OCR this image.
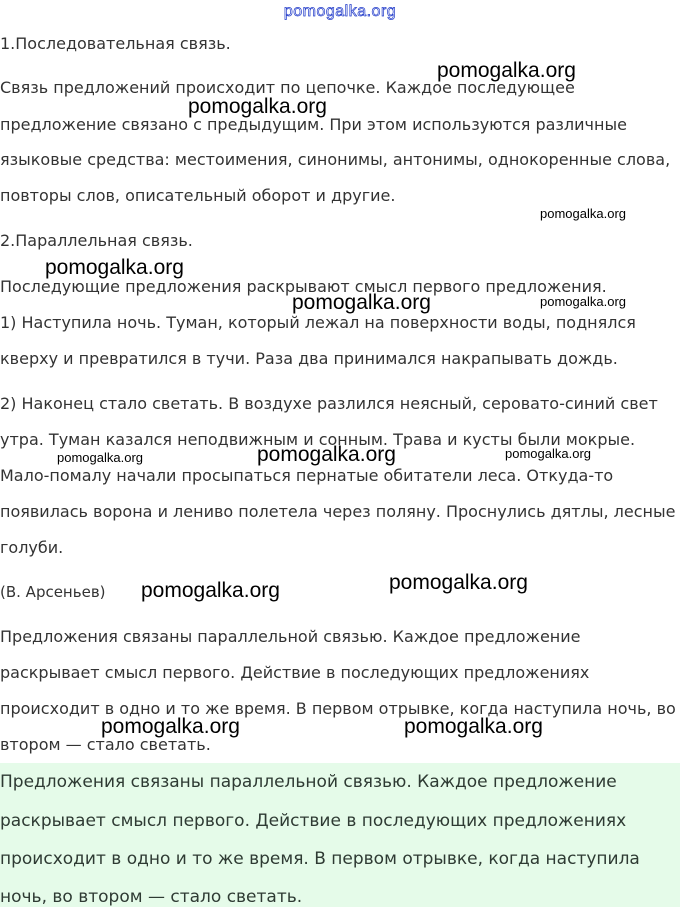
pomogalka.org

1.Последовательная связь.

Связь предложений происходит по цепочке. Каждое последующее

предложение связано с предыдущим. При этом используются различные

языковые средства: местоимения, синонимы, антонимы, однокоренные слова,

повторы слов, описательный оборот и другие.

2.Параллельная связь.

Последующие предложения раскрывают смысл первого предложения.

1) Наступила ночь. Туман, который лежал на поверхности воды, поднялся

кверху и превратился в тучи. Раза два принимался накрапывать дождь.

2) Наконец стало светать. В воздухе разлился неясный, серовато-синий свет

утра. Туман казался неподвижным и сонным. Трава и кусты были мокрые.

Мало-помалу начали просыпаться пернатые обитатели леса. Откуда-то

появилась ворона и лениво полетела через поляну. Проснулись дятлы, лесные

голуби.

(В. Арсеньев)

Предложения связаны параллельной связью. Каждое предложение

раскрывает смысл первого. Действие в последующих предложениях

происходит в одно и то же время. В первом отрывке, когда наступила ночь, во

втором — стало светать.

Предложения связаны параллельной связью. Каждое предложение

раскрывает смысл первого. Действие в последующих предложениях

происходит в одно и то же время. В первом отрывке, когда наступила

ночь, во втором — стало светать.

pomogalka.org
pomogalka.org
pomogalka.org
pomogalka.org
pomogalka.org	pomogalka.org
pomogalka.org
pomogalka.org	pomogalka.org
pomogalka.org
pomogalka.org
pomogalka.org	pomogalka.org
